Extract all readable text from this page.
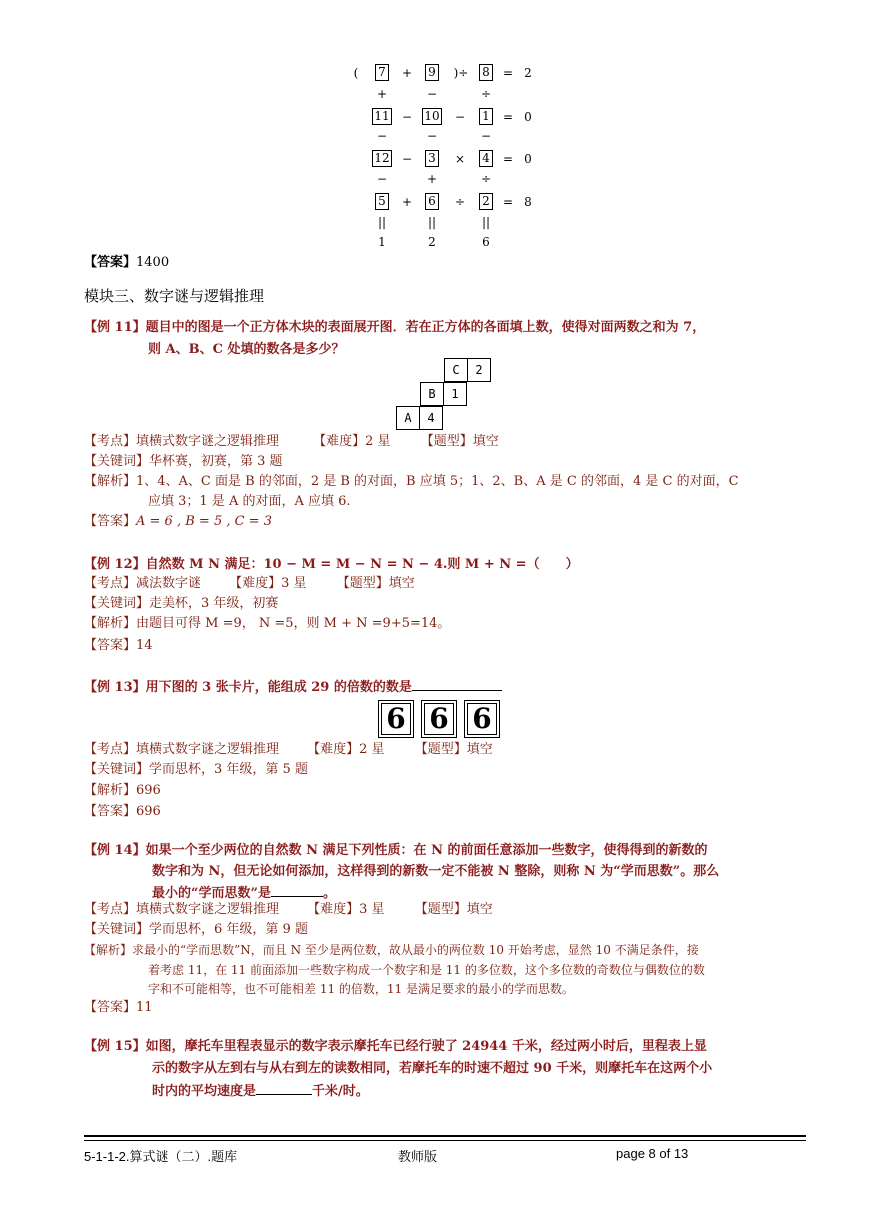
(	7	+	9	)÷	8	= 2
+	−	÷
11	−	10	−	1	= 0
−	−	−
12	−	3	×	4	= 0
−	+	÷
5	+	6	÷	2	= 8
||	||	||
1	2	6
【答案】1400
模块三、数字谜与逻辑推理
【例 11】题目中的图是一个正方体木块的表面展开图．若在正方体的各面填上数，使得对面两数之和为 7，
则 A、B、C 处填的数各是多少？
C	2
B	1
A	4
【考点】填横式数字谜之逻辑推理	【难度】2 星 【题型】填空
【关键词】华杯赛，初赛，第 3 题
【解析】1、4、A、C 面是 B 的邻面，2 是 B 的对面，B 应填 5；1、2、B、A 是 C 的邻面，4 是 C 的对面，C
应填 3；1 是 A 的对面，A 应填 6.
【答案】A = 6 , B = 5 , C = 3
【例 12】自然数 M N 满足：10 − M = M − N = N − 4.则 M + N =（　　）
【考点】减法数字谜 【难度】3 星 【题型】填空
【关键词】走美杯，3 年级，初赛
【解析】由题目可得 M =9， N =5，则 M + N =9+5=14。
【答案】14
【例 13】用下图的 3 张卡片，能组成 29 的倍数的数是
6 6 6
【考点】填横式数字谜之逻辑推理 【难度】2 星 【题型】填空
【关键词】学而思杯，3 年级，第 5 题
【解析】696
【答案】696
【例 14】如果一个至少两位的自然数 N 满足下列性质：在 N 的前面任意添加一些数字，使得得到的新数的
数字和为 N，但无论如何添加，这样得到的新数一定不能被 N 整除，则称 N 为“学而思数”。那么
最小的“学而思数”是	。
【考点】填横式数字谜之逻辑推理 【难度】3 星 【题型】填空
【关键词】学而思杯，6 年级，第 9 题
【解析】求最小的“学而思数”N，而且 N 至少是两位数，故从最小的两位数 10 开始考虑，显然 10 不满足条件，接
着考虑 11，在 11 前面添加一些数字构成一个数字和是 11 的多位数，这个多位数的奇数位与偶数位的数
字和不可能相等，也不可能相差 11 的倍数，11 是满足要求的最小的学而思数。
【答案】11
【例 15】如图，摩托车里程表显示的数字表示摩托车已经行驶了 24944 千米，经过两小时后，里程表上显
示的数字从左到右与从右到左的读数相同，若摩托车的时速不超过 90 千米，则摩托车在这两个小
时内的平均速度是	千米/时。
5-1-1-2.算式谜（二）.题库	教师版	page 8 of 13
